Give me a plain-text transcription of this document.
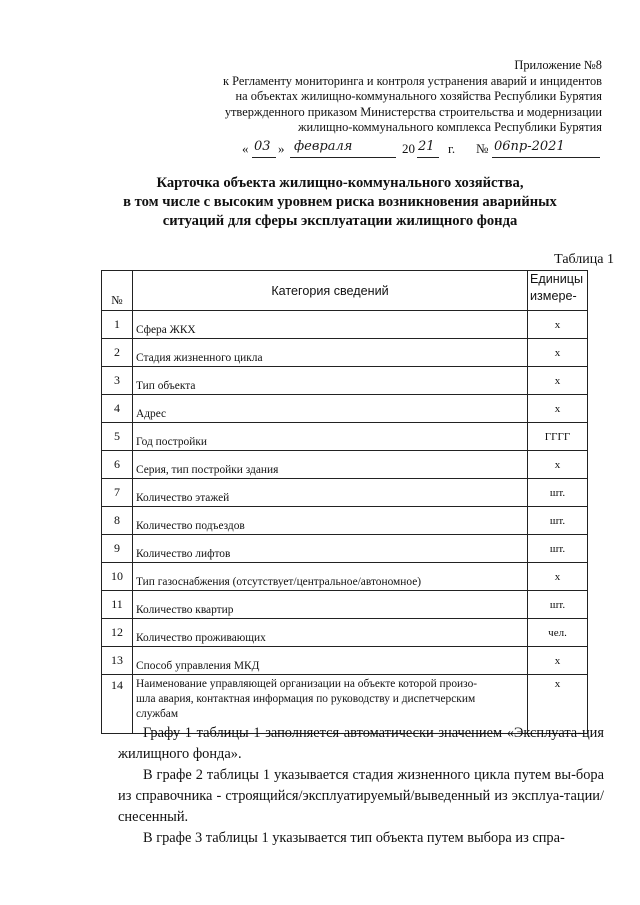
Приложение №8
к Регламенту мониторинга и контроля устранения аварий и инцидентов
на объектах жилищно-коммунального хозяйства Республики Бурятия
утвержденного приказом Министерства строительства и модернизации
жилищно-коммунального комплекса Республики Бурятия
« 03 » февраля	20 21 г. № 06пр-2021
Карточка объекта жилищно-коммунального хозяйства,
в том числе с высоким уровнем риска возникновения аварийных
ситуаций для сферы эксплуатации жилищного фонда
Таблица 1
№	Категория сведений	Единицы
измере-

1	Сфера ЖКХ	х
2	Стадия жизненного цикла	х
3	Тип объекта	х
4	Адрес	х
5	Год постройки	ГГГГ
6	Серия, тип постройки здания	х
7	Количество этажей	шт.
8	Количество подъездов	шт.
9	Количество лифтов	шт.
10	Тип газоснабжения (отсутствует/центральное/автономное)	х
11	Количество квартир	шт.
12	Количество проживающих	чел.
13	Способ управления МКД	х
14	Наименование управляющей организации на объекте которой произо-
шла авария, контактная информация по руководству и диспетчерским
службам	х

Графу 1 таблицы 1 заполняется автоматически значением «Эксплуата-ция жилищного фонда».

В графе 2 таблицы 1 указывается стадия жизненного цикла путем вы-бора из справочника - строящийся/эксплуатируемый/выведенный из эксплуа-тации/ снесенный.

В графе 3 таблицы 1 указывается тип объекта путем выбора из спра-
